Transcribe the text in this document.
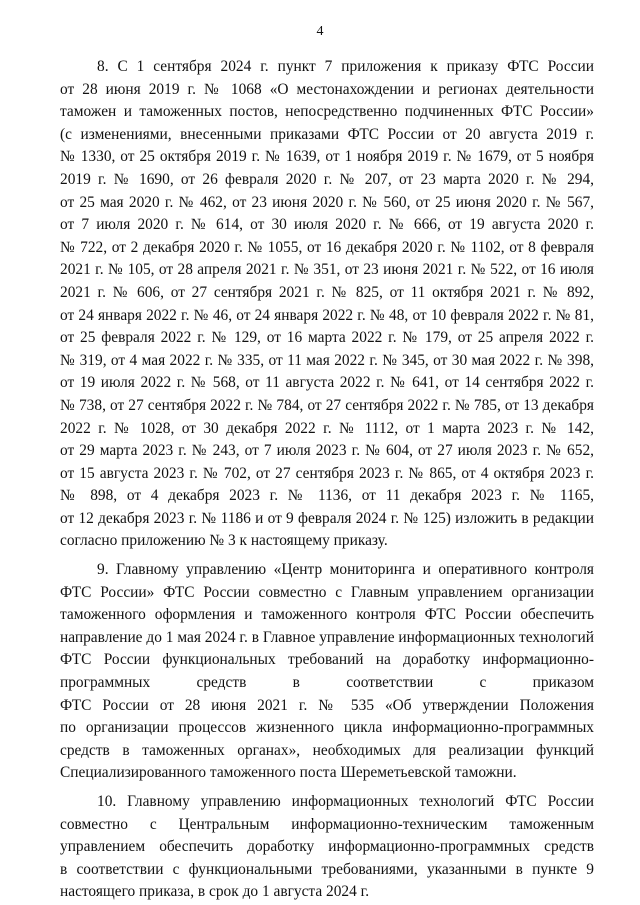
4
8. С 1 сентября 2024 г. пункт 7 приложения к приказу ФТС России
от 28 июня 2019 г. № 1068 «О местонахождении и регионах деятельности
таможен и таможенных постов, непосредственно подчиненных ФТС России»
(с изменениями, внесенными приказами ФТС России от 20 августа 2019 г.
№ 1330, от 25 октября 2019 г. № 1639, от 1 ноября 2019 г. № 1679, от 5 ноября
2019 г. № 1690, от 26 февраля 2020 г. № 207, от 23 марта 2020 г. № 294,
от 25 мая 2020 г. № 462, от 23 июня 2020 г. № 560, от 25 июня 2020 г. № 567,
от 7 июля 2020 г. № 614, от 30 июля 2020 г. № 666, от 19 августа 2020 г.
№ 722, от 2 декабря 2020 г. № 1055, от 16 декабря 2020 г. № 1102, от 8 февраля
2021 г. № 105, от 28 апреля 2021 г. № 351, от 23 июня 2021 г. № 522, от 16 июля
2021 г. № 606, от 27 сентября 2021 г. № 825, от 11 октября 2021 г. № 892,
от 24 января 2022 г. № 46, от 24 января 2022 г. № 48, от 10 февраля 2022 г. № 81,
от 25 февраля 2022 г. № 129, от 16 марта 2022 г. № 179, от 25 апреля 2022 г.
№ 319, от 4 мая 2022 г. № 335, от 11 мая 2022 г. № 345, от 30 мая 2022 г. № 398,
от 19 июля 2022 г. № 568, от 11 августа 2022 г. № 641, от 14 сентября 2022 г.
№ 738, от 27 сентября 2022 г. № 784, от 27 сентября 2022 г. № 785, от 13 декабря
2022 г. № 1028, от 30 декабря 2022 г. № 1112, от 1 марта 2023 г. № 142,
от 29 марта 2023 г. № 243, от 7 июля 2023 г. № 604, от 27 июля 2023 г. № 652,
от 15 августа 2023 г. № 702, от 27 сентября 2023 г. № 865, от 4 октября 2023 г.
№ 898, от 4 декабря 2023 г. № 1136, от 11 декабря 2023 г. № 1165,
от 12 декабря 2023 г. № 1186 и от 9 февраля 2024 г. № 125) изложить в редакции
согласно приложению № 3 к настоящему приказу.
9. Главному управлению «Центр мониторинга и оперативного контроля
ФТС России» ФТС России совместно с Главным управлением организации
таможенного оформления и таможенного контроля ФТС России обеспечить
направление до 1 мая 2024 г. в Главное управление информационных технологий
ФТС России функциональных требований на доработку информационно-
программных средств в соответствии с приказом
ФТС России от 28 июня 2021 г. № 535 «Об утверждении Положения
по организации процессов жизненного цикла информационно-программных
средств в таможенных органах», необходимых для реализации функций
Специализированного таможенного поста Шереметьевской таможни.
10. Главному управлению информационных технологий ФТС России
совместно с Центральным информационно-техническим таможенным
управлением обеспечить доработку информационно-программных средств
в соответствии с функциональными требованиями, указанными в пункте 9
настоящего приказа, в срок до 1 августа 2024 г.
